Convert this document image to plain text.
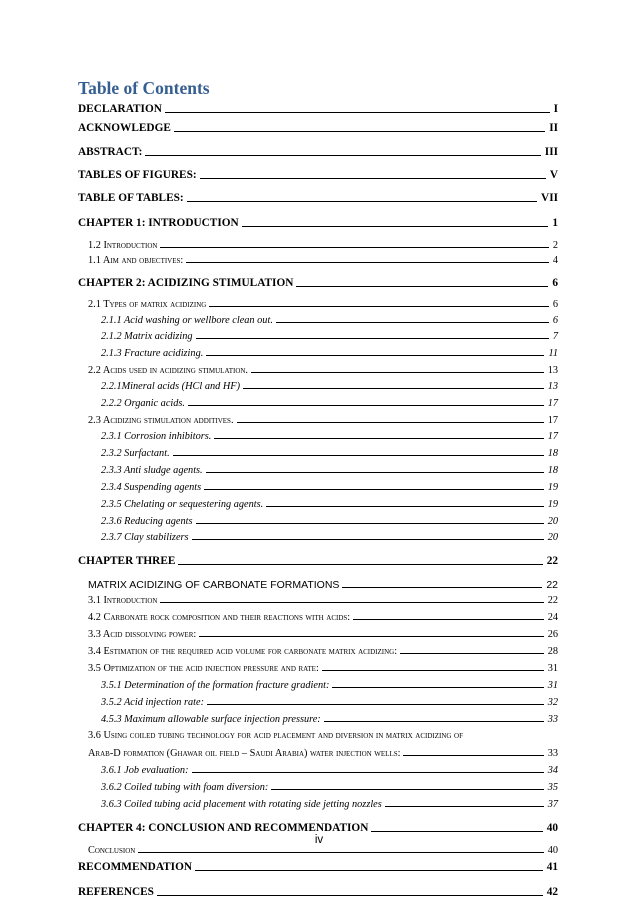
Table of Contents
DECLARATION	I
ACKNOWLEDGE	II
ABSTRACT:	III
TABLES OF FIGURES:	V
TABLE OF TABLES:	VII
CHAPTER 1: INTRODUCTION	1
1.2 Introduction	2
1.1 Aim and objectives:	4
CHAPTER 2: ACIDIZING STIMULATION	6
2.1 Types of matrix acidizing	6
2.1.1 Acid washing or wellbore clean out.	6
2.1.2 Matrix acidizing	7
2.1.3 Fracture acidizing.	11
2.2 Acids used in acidizing stimulation.	13
2.2.1Mineral acids (HCl and HF)	13
2.2.2 Organic acids.	17
2.3 Acidizing stimulation additives.	17
2.3.1 Corrosion inhibitors.	17
2.3.2 Surfactant.	18
2.3.3 Anti sludge agents.	18
2.3.4 Suspending agents	19
2.3.5 Chelating or sequestering agents.	19
2.3.6 Reducing agents	20
2.3.7 Clay stabilizers	20
CHAPTER THREE	22
MATRIX ACIDIZING OF CARBONATE FORMATIONS	22
3.1 Introduction	22
4.2 Carbonate rock composition and their reactions with acids:	24
3.3 Acid dissolving power:	26
3.4 Estimation of the required acid volume for carbonate matrix acidizing:	28
3.5 Optimization of the acid injection pressure and rate:	31
3.5.1 Determination of the formation fracture gradient:	31
3.5.2 Acid injection rate:	32
4.5.3 Maximum allowable surface injection pressure:	33
3.6 Using coiled tubing technology for acid placement and diversion in matrix acidizing of
Arab-D formation (Ghawar oil field – Saudi Arabia) water injection wells:	33
3.6.1 Job evaluation:	34
3.6.2 Coiled tubing with foam diversion:	35
3.6.3 Coiled tubing acid placement with rotating side jetting nozzles	37
CHAPTER 4: CONCLUSION AND RECOMMENDATION	40
Conclusion	40
RECOMMENDATION	41
REFERENCES	42
iv
